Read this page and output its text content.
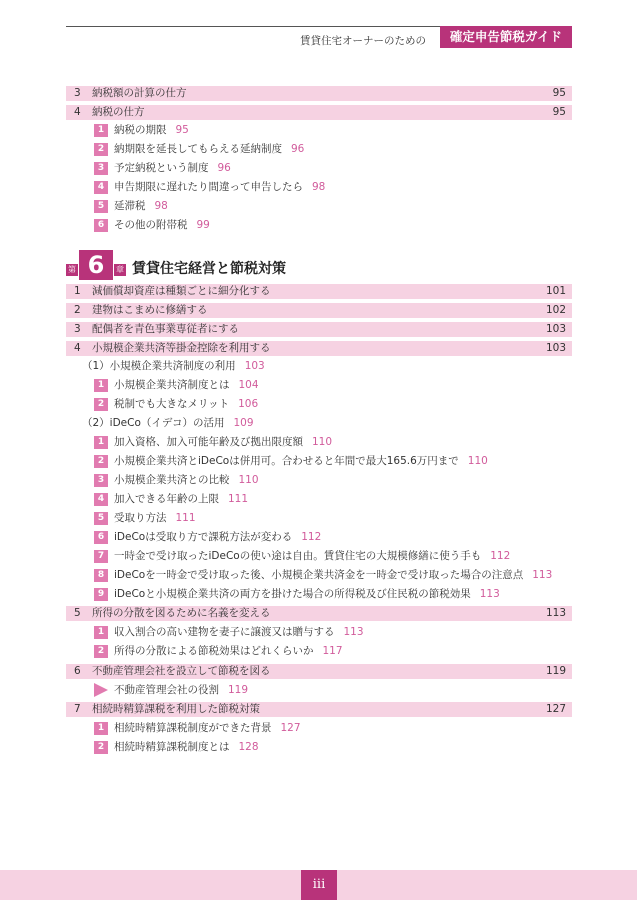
賃貸住宅オーナーのための	確定申告節税ガイド
3 納税額の計算の仕方	95
4 納税の仕方	95
1 納税の期限 95
2 納期限を延長してもらえる延納制度 96
3 予定納税という制度 96
4 申告期限に遅れたり間違って申告したら 98
5 延滞税 98
6 その他の附帯税 99
第 6	章 賃貸住宅経営と節税対策
1 減価償却資産は種類ごとに細分化する	101
2 建物はこまめに修繕する	102
3 配偶者を青色事業専従者にする	103
4 小規模企業共済等掛金控除を利用する	103
（1）小規模企業共済制度の利用 103
1 小規模企業共済制度とは 104
2 税制でも大きなメリット 106
（2）iDeCo（イデコ）の活用 109
1 加入資格、加入可能年齢及び拠出限度額 110
2 小規模企業共済とiDeCoは併用可。合わせると年間で最大165.6万円まで 110
3 小規模企業共済との比較 110
4 加入できる年齢の上限 111
5 受取り方法 111
6 iDeCoは受取り方で課税方法が変わる 112
7 一時金で受け取ったiDeCoの使い途は自由。賃貸住宅の大規模修繕に使う手も 112
8 iDeCoを一時金で受け取った後、小規模企業共済金を一時金で受け取った場合の注意点 113
9 iDeCoと小規模企業共済の両方を掛けた場合の所得税及び住民税の節税効果 113
5 所得の分散を図るために名義を変える	113
1 収入割合の高い建物を妻子に譲渡又は贈与する 113
2 所得の分散による節税効果はどれくらいか 117
6 不動産管理会社を設立して節税を図る	119
不動産管理会社の役割 119
7 相続時精算課税を利用した節税対策	127
1 相続時精算課税制度ができた背景 127
2 相続時精算課税制度とは 128
iii
